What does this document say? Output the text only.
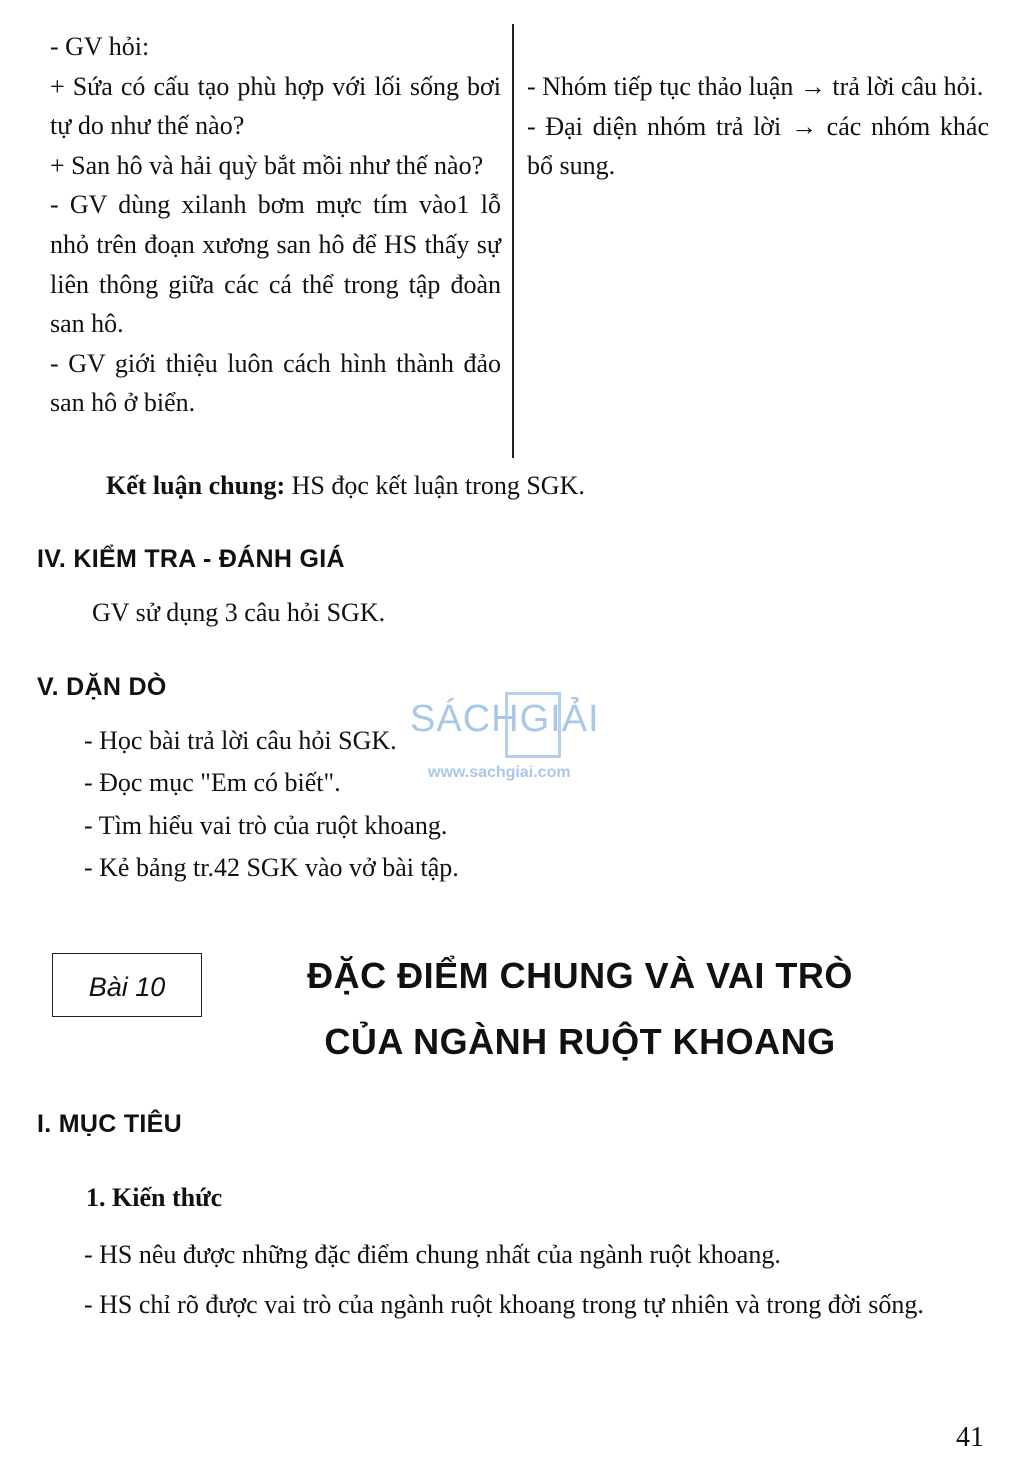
- GV hỏi:

+ Sứa có cấu tạo phù hợp với lối sống bơi tự do như thế nào?

+ San hô và hải quỳ bắt mồi như thế nào?

- GV dùng xilanh bơm mực tím vào1 lỗ nhỏ trên đoạn xương san hô để HS thấy sự liên thông giữa các cá thể trong tập đoàn san hô.

- GV giới thiệu luôn cách hình thành đảo san hô ở biển.

- Nhóm tiếp tục thảo luận → trả lời câu hỏi.

- Đại diện nhóm trả lời → các nhóm khác bổ sung.

Kết luận chung: HS đọc kết luận trong SGK.
IV. KIỂM TRA - ĐÁNH GIÁ
GV sử dụng 3 câu hỏi SGK.
V. DẶN DÒ
- Học bài trả lời câu hỏi SGK.
- Đọc mục "Em có biết".
- Tìm hiểu vai trò của ruột khoang.
- Kẻ bảng tr.42 SGK vào vở bài tập.
SÁCHGIẢI
www.sachgiai.com
Bài 10	ĐẶC ĐIỂM CHUNG VÀ VAI TRÒ
CỦA NGÀNH RUỘT KHOANG
I. MỤC TIÊU
1. Kiến thức
- HS nêu được những đặc điểm chung nhất của ngành ruột khoang.
- HS chỉ rõ được vai trò của ngành ruột khoang trong tự nhiên và trong đời sống.
41
